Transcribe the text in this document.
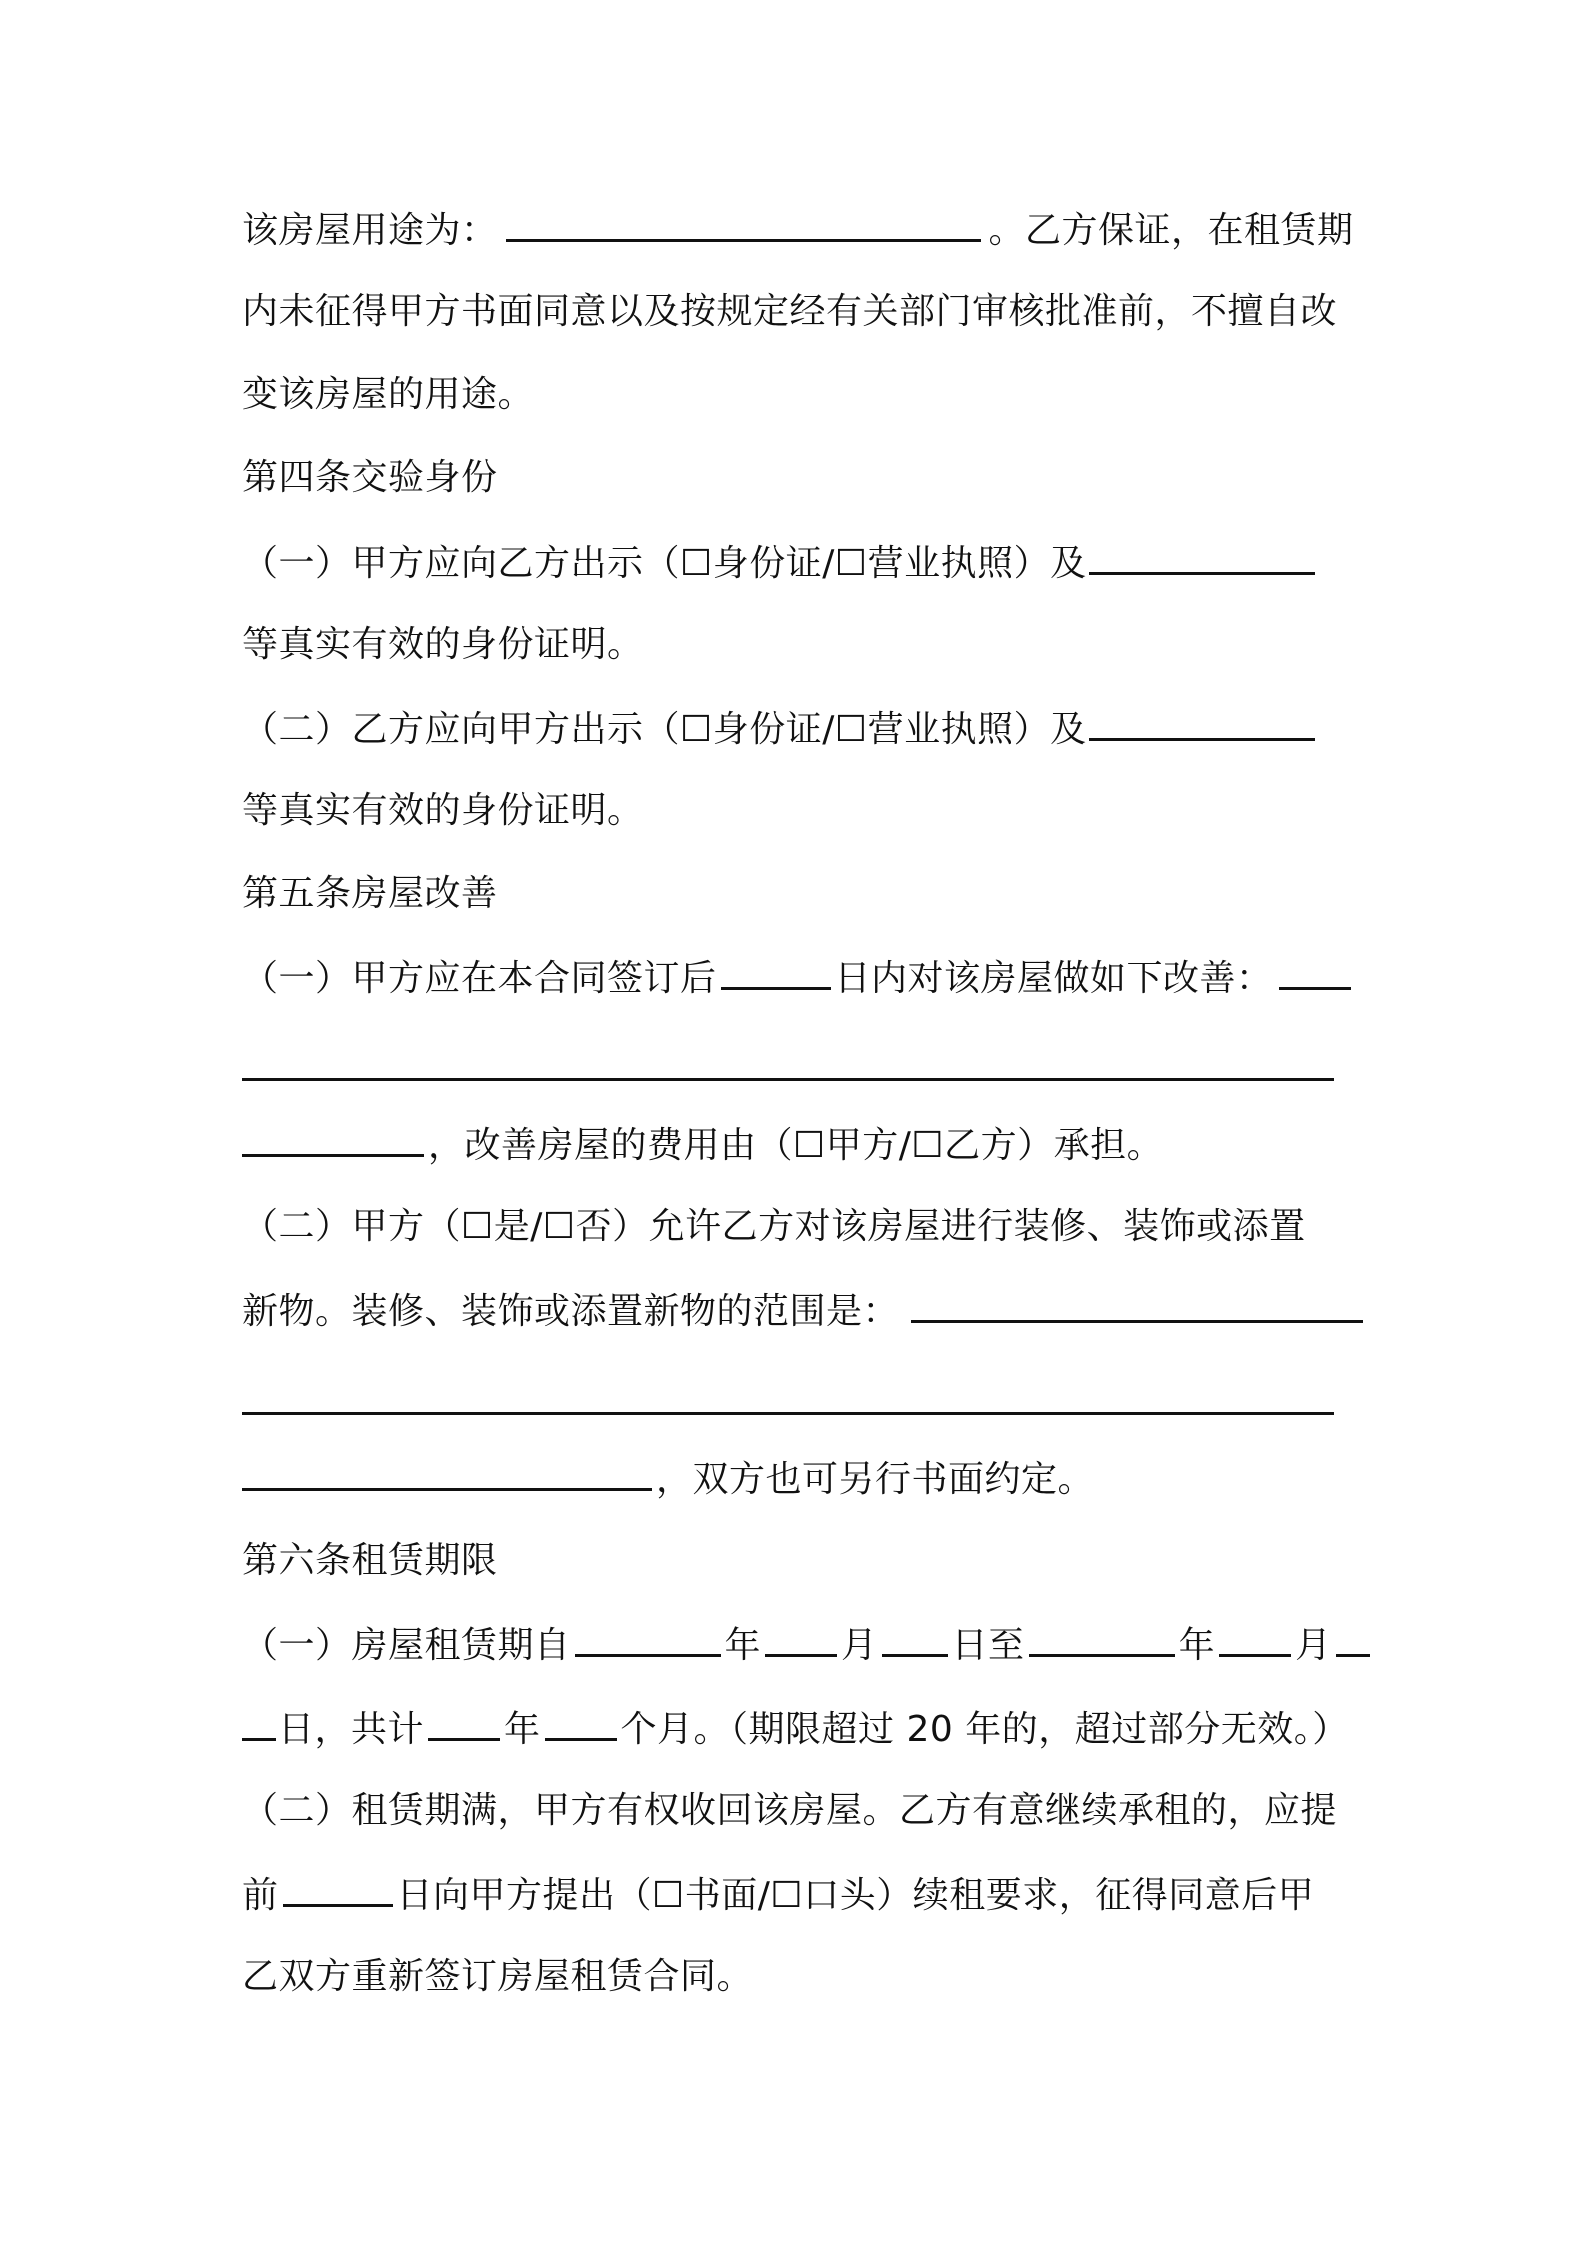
该房屋用途为：	。乙方保证，在租赁期
内未征得甲方书面同意以及按规定经有关部门审核批准前，不擅自改
变该房屋的用途。
第四条交验身份
（一）甲方应向乙方出示（☐身份证/☐营业执照）及
等真实有效的身份证明。
（二）乙方应向甲方出示（☐身份证/☐营业执照）及
等真实有效的身份证明。
第五条房屋改善
（一）甲方应在本合同签订后	日内对该房屋做如下改善：
，改善房屋的费用由（☐甲方/☐乙方）承担。
（二）甲方（☐是/☐否）允许乙方对该房屋进行装修、装饰或添置
新物。装修、装饰或添置新物的范围是：
，双方也可另行书面约定。
第六条租赁期限
（一）房屋租赁期自	年 月 日至	年 月
日，共计 年 个月。（期限超过 20 年的，超过部分无效。）
（二）租赁期满，甲方有权收回该房屋。乙方有意继续承租的，应提
前	日向甲方提出（☐书面/☐口头）续租要求，征得同意后甲
乙双方重新签订房屋租赁合同。
